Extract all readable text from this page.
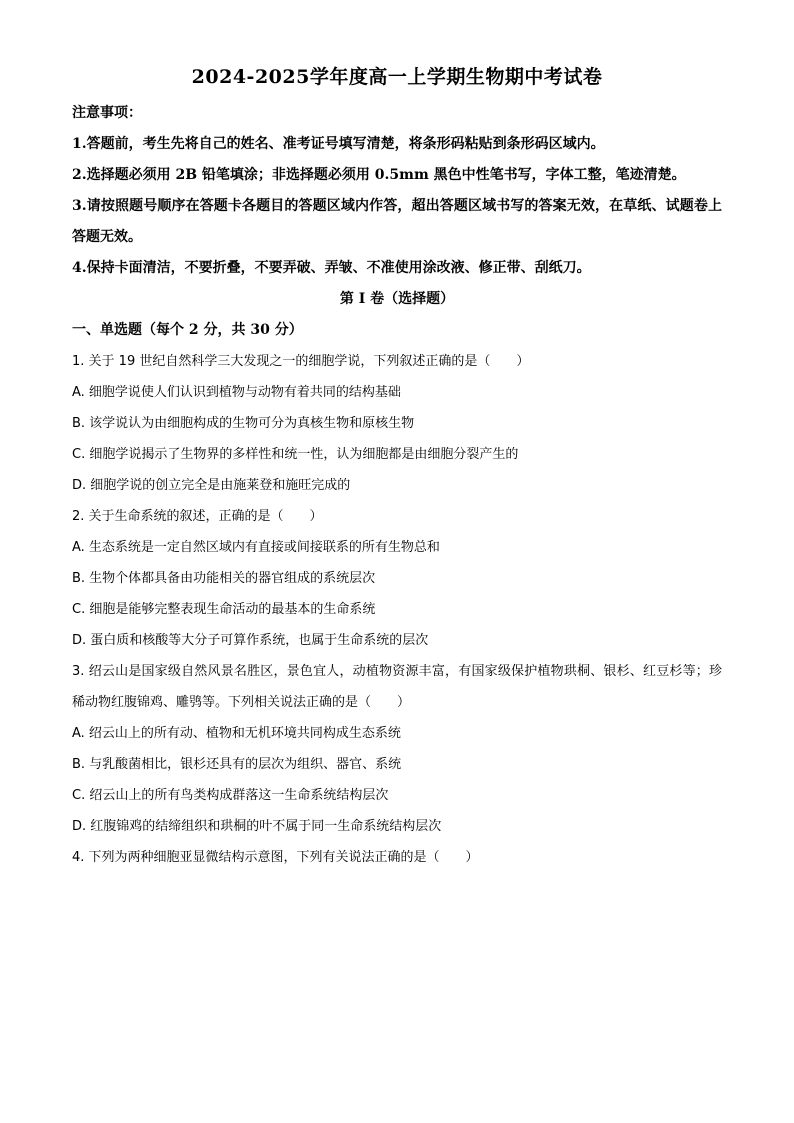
2024-2025学年度高一上学期生物期中考试卷
注意事项：
1.答题前，考生先将自己的姓名、准考证号填写清楚，将条形码粘贴到条形码区域内。
2.选择题必须用 2B 铅笔填涂；非选择题必须用 0.5mm 黑色中性笔书写，字体工整，笔迹清楚。
3.请按照题号顺序在答题卡各题目的答题区域内作答，超出答题区域书写的答案无效，在草纸、试题卷上答题无效。
4.保持卡面清洁，不要折叠，不要弄破、弄皱、不准使用涂改液、修正带、刮纸刀。
第 I 卷（选择题）
一、单选题（每个 2 分，共 30 分）
1. 关于 19 世纪自然科学三大发现之一的细胞学说，下列叙述正确的是（　　）
A. 细胞学说使人们认识到植物与动物有着共同的结构基础
B. 该学说认为由细胞构成的生物可分为真核生物和原核生物
C. 细胞学说揭示了生物界的多样性和统一性，认为细胞都是由细胞分裂产生的
D. 细胞学说的创立完全是由施莱登和施旺完成的
2. 关于生命系统的叙述，正确的是（　　）
A. 生态系统是一定自然区域内有直接或间接联系的所有生物总和
B. 生物个体都具备由功能相关的器官组成的系统层次
C. 细胞是能够完整表现生命活动的最基本的生命系统
D. 蛋白质和核酸等大分子可算作系统，也属于生命系统的层次
3. 绍云山是国家级自然风景名胜区，景色宜人，动植物资源丰富，有国家级保护植物珙桐、银杉、红豆杉等；珍稀动物红腹锦鸡、雕鸮等。下列相关说法正确的是（　　）
A. 绍云山上的所有动、植物和无机环境共同构成生态系统
B. 与乳酸菌相比，银杉还具有的层次为组织、器官、系统
C. 绍云山上的所有鸟类构成群落这一生命系统结构层次
D. 红腹锦鸡的结缔组织和珙桐的叶不属于同一生命系统结构层次
4. 下列为两种细胞亚显微结构示意图，下列有关说法正确的是（　　）
